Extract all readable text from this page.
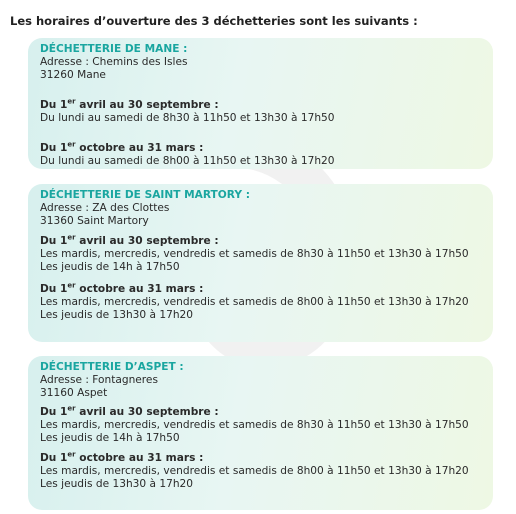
Les horaires d’ouverture des 3 déchetteries sont les suivants :
DÉCHETTERIE DE MANE :
Adresse : Chemins des Isles
31260 Mane
Du 1er avril au 30 septembre :
Du lundi au samedi de 8h30 à 11h50 et 13h30 à 17h50
Du 1er octobre au 31 mars :
Du lundi au samedi de 8h00 à 11h50 et 13h30 à 17h20
DÉCHETTERIE DE SAINT MARTORY :
Adresse : ZA des Clottes
31360 Saint Martory
Du 1er avril au 30 septembre :
Les mardis, mercredis, vendredis et samedis de 8h30 à 11h50 et 13h30 à 17h50
Les jeudis de 14h à 17h50
Du 1er octobre au 31 mars :
Les mardis, mercredis, vendredis et samedis de 8h00 à 11h50 et 13h30 à 17h20
Les jeudis de 13h30 à 17h20
DÉCHETTERIE D’ASPET :
Adresse : Fontagneres
31160 Aspet
Du 1er avril au 30 septembre :
Les mardis, mercredis, vendredis et samedis de 8h30 à 11h50 et 13h30 à 17h50
Les jeudis de 14h à 17h50
Du 1er octobre au 31 mars :
Les mardis, mercredis, vendredis et samedis de 8h00 à 11h50 et 13h30 à 17h20
Les jeudis de 13h30 à 17h20
